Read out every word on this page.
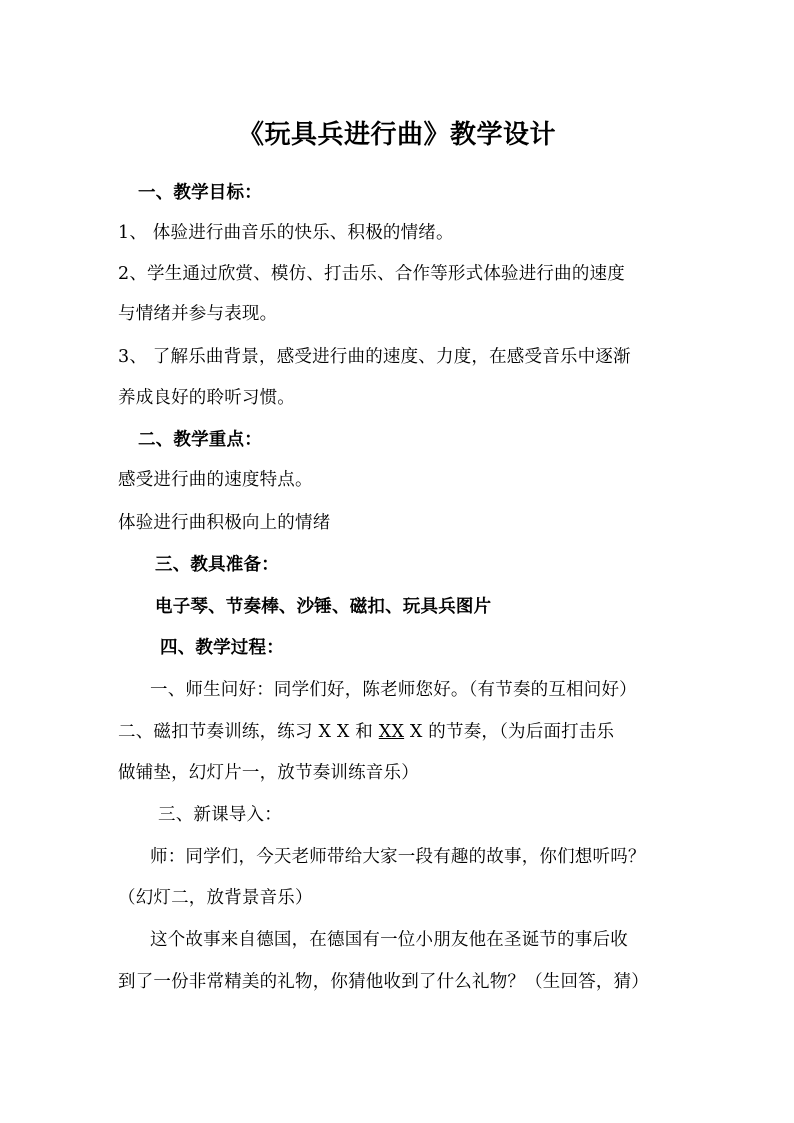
《玩具兵进行曲》教学设计
一、教学目标：
1、 体验进行曲音乐的快乐、积极的情绪。
2、学生通过欣赏、模仿、打击乐、合作等形式体验进行曲的速度
与情绪并参与表现。
3、 了解乐曲背景，感受进行曲的速度、力度，在感受音乐中逐渐
养成良好的聆听习惯。
二、教学重点：
感受进行曲的速度特点。
体验进行曲积极向上的情绪
三、教具准备：
电子琴、节奏棒、沙锤、磁扣、玩具兵图片
四、教学过程：
一、师生问好：同学们好，陈老师您好。（有节奏的互相问好）
二、磁扣节奏训练，练习 X X 和 XX X 的节奏，（为后面打击乐
做铺垫，幻灯片一，放节奏训练音乐）
三、新课导入：
师：同学们，今天老师带给大家一段有趣的故事，你们想听吗？
（幻灯二，放背景音乐）
这个故事来自德国，在德国有一位小朋友他在圣诞节的事后收
到了一份非常精美的礼物，你猜他收到了什么礼物？（生回答，猜）
